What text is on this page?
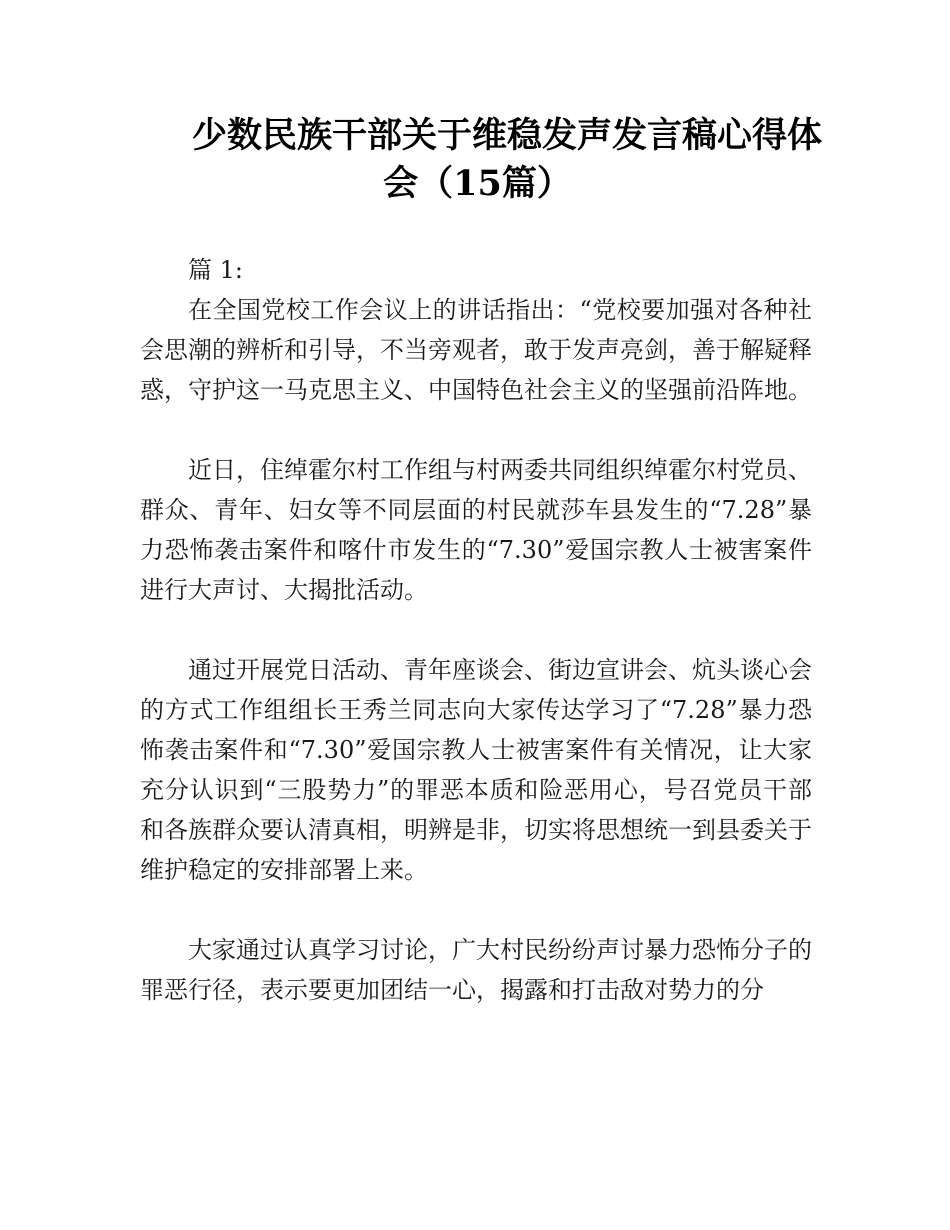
少数民族干部关于维稳发声发言稿心得体
会（15篇）

篇 1:

在全国党校工作会议上的讲话指出：“党校要加强对各种社会思潮的辨析和引导，不当旁观者，敢于发声亮剑，善于解疑释惑，守护这一马克思主义、中国特色社会主义的坚强前沿阵地。

近日，住绰霍尔村工作组与村两委共同组织绰霍尔村党员、群众、青年、妇女等不同层面的村民就莎车县发生的“7.28”暴力恐怖袭击案件和喀什市发生的“7.30”爱国宗教人士被害案件进行大声讨、大揭批活动。

通过开展党日活动、青年座谈会、街边宣讲会、炕头谈心会的方式工作组组长王秀兰同志向大家传达学习了“7.28”暴力恐怖袭击案件和“7.30”爱国宗教人士被害案件有关情况，让大家充分认识到“三股势力”的罪恶本质和险恶用心，号召党员干部和各族群众要认清真相，明辨是非，切实将思想统一到县委关于维护稳定的安排部署上来。

大家通过认真学习讨论，广大村民纷纷声讨暴力恐怖分子的罪恶行径，表示要更加团结一心，揭露和打击敌对势力的分
